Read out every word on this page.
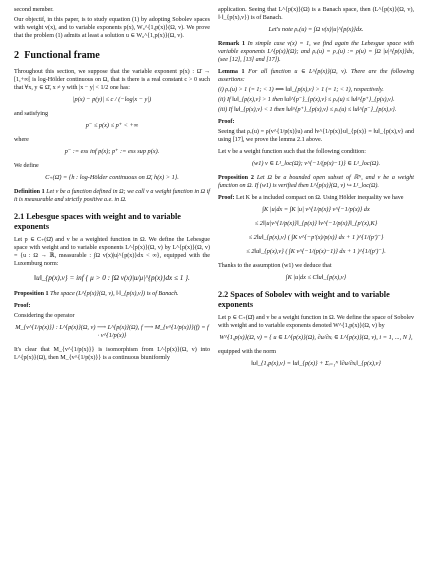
second member.

Our objectif, in this paper, is to study equation (1) by adopting Sobolev spaces with weight v(x), and to variable exponents p(x), W₀^{1,p(x)}(Ω, v). We prove that the problem (1) admits at least a solution u ∈ W₀^{1,p(x)}(Ω, v).

2 Functional frame

Throughout this section, we suppose that the variable exponent p(x) : Ω̄ → [1,+∞[ is log-Hölder continuous on Ω, that is there is a real constant c > 0 such that ∀x, y ∈ Ω̄, x ≠ y with |x − y| < 1/2 one has:

|p(x) − p(y)| ≤ c / (−log|x − y|)

and satisfying

p⁻ ≤ p(x) ≤ p⁺ < +∞

where

p⁻ := ess inf p(x); p⁺ := ess sup p(x).

We define

C₊(Ω̄) = {h : log-Hölder continuous on Ω̄, h(x) > 1}.

Definition 1 Let v be a function defined in Ω; we call v a weight function in Ω if it is measurable and strictly positive a.e. in Ω.

2.1 Lebesgue spaces with weight and to variable exponents

Let p ∈ C₊(Ω̄) and v be a weighted function in Ω. We define the Lebesgue space with weight and to variable exponents L^{p(x)}(Ω, v) by L^{p(x)}(Ω, v) = {u : Ω → ℝ, measurable : ∫Ω v(x)|u|^{p(x)}dx < ∞}, equipped with the Luxemburg norm:

‖u‖_{p(x),v} = inf { μ > 0 : ∫Ω v(x)|u/μ|^{p(x)}dx ≤ 1 }.

Proposition 1 The space (L^{p(x)}(Ω, v), ‖·‖_{p(x),v}) is of Banach.

Proof:

Considering the operator

M_{v^{1/p(x)}} : L^{p(x)}(Ω, v) ⟶ L^{p(x)}(Ω), f ⟶ M_{v^{1/p(x)}}(f) = f · v^{1/p(x)}

It's clear that M_{v^{1/p(x)}} is isomorphism from L^{p(x)}(Ω, v) into L^{p(x)}(Ω), then M_{v^{1/p(x)}} is a continuous biuniformly

application. Seeing that L^{p(x)}(Ω) is a Banach space, then (L^{p(x)}(Ω, v), ‖·‖_{p(x),v}) is of Banach.

Let's note ρᵥ(u) = ∫Ω v(x)|u|^{p(x)}dx.

Remark 1 In simple case v(x) = 1, we find again the Lebesgue space with variable exponents L^{p(x)}(Ω); and ρᵥ(u) = ρ₁(u) := ρ(u) = ∫Ω |u|^{p(x)}dx, (see [12], [13] and [17]).

Lemma 1 For all function u ∈ L^{p(x)}(Ω, v). There are the following assertions:

(i) ρᵥ(u) > 1 (= 1; < 1) ⟺ ‖u‖_{p(x),v} > 1 (= 1; < 1), respectively.

(ii) If ‖u‖_{p(x),v} > 1 then ‖u‖^{p⁻}_{p(x),v} ≤ ρᵥ(u) ≤ ‖u‖^{p⁺}_{p(x),v}.

(iii) If ‖u‖_{p(x),v} < 1 then ‖u‖^{p⁺}_{p(x),v} ≤ ρᵥ(u) ≤ ‖u‖^{p⁻}_{p(x),v}.

Proof:

Seeing that ρᵥ(u) = ρ(v^{1/p(x)}u) and ‖v^{1/p(x)}u‖_{p(x)} = ‖u‖_{p(x),v} and using [17], we prove the lemma 2.1 above.

Let v be a weight function such that the following condition:

(w1) v ∈ L¹_loc(Ω); v^{−1/(p(x)−1)} ∈ L¹_loc(Ω).

Proposition 2 Let Ω be a bounded open subset of ℝᴺ, and v be a weight function on Ω. If (w1) is verified then L^{p(x)}(Ω, v) ↪ L¹_loc(Ω).

Proof: Let K be a included compact on Ω. Using Hölder inequality we have

∫K |u|dx = ∫K |u| v^{1/p(x)} v^{−1/p(x)} dx
≤ 2‖|u|v^{1/p(x)}‖_{p(x)} ‖v^{−1/p(x)}‖_{p′(x),K}
≤ 2‖u‖_{p(x),v} ( ∫K v^{−p′(x)/p(x)} dx + 1 )^{1/(p′)⁻}
≤ 2‖u‖_{p(x),v} ( ∫K v^{−1/(p(x)−1)} dx + 1 )^{1/(p′)⁻}.

Thanks to the assumption (w1) we deduce that

∫K |u|dx ≤ C‖u‖_{p(x),v}
2.2 Spaces of Sobolev with weight and to variable exponents

Let p ∈ C₊(Ω̄) and v be a weight function in Ω. We define the space of Sobolev with weight and to variable exponents denoted W^{1,p(x)}(Ω, v) by

W^{1,p(x)}(Ω, v) = { u ∈ L^{p(x)}(Ω), ∂u/∂xᵢ ∈ L^{p(x)}(Ω, v), i = 1, ..., N },

equipped with the norm

‖u‖_{1,p(x),v} = ‖u‖_{p(x)} + Σᵢ₌₁ᴺ ‖∂u/∂xᵢ‖_{p(x),v}
